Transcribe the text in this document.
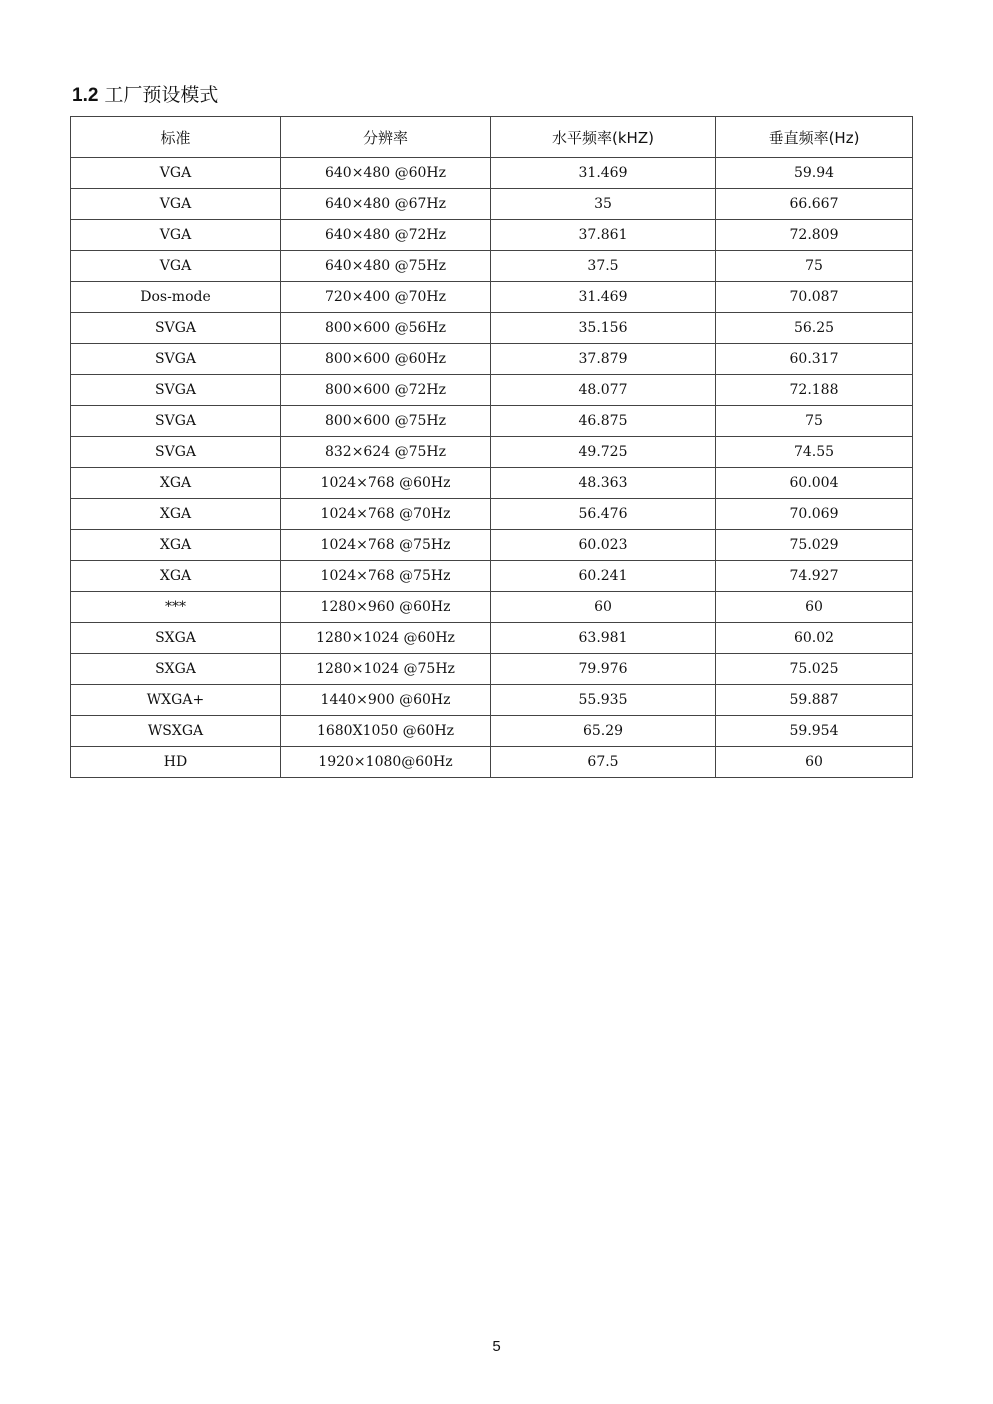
1.2 工厂预设模式
标准	分辨率	水平频率(kHZ)	垂直频率(Hz)
VGA	640×480 @60Hz	31.469	59.94
VGA	640×480 @67Hz	35	66.667
VGA	640×480 @72Hz	37.861	72.809
VGA	640×480 @75Hz	37.5	75
Dos-mode	720×400 @70Hz	31.469	70.087
SVGA	800×600 @56Hz	35.156	56.25
SVGA	800×600 @60Hz	37.879	60.317
SVGA	800×600 @72Hz	48.077	72.188
SVGA	800×600 @75Hz	46.875	75
SVGA	832×624 @75Hz	49.725	74.55
XGA	1024×768 @60Hz	48.363	60.004
XGA	1024×768 @70Hz	56.476	70.069
XGA	1024×768 @75Hz	60.023	75.029
XGA	1024×768 @75Hz	60.241	74.927
***	1280×960 @60Hz	60	60
SXGA	1280×1024 @60Hz	63.981	60.02
SXGA	1280×1024 @75Hz	79.976	75.025
WXGA+	1440×900 @60Hz	55.935	59.887
WSXGA	1680X1050 @60Hz	65.29	59.954
HD	1920×1080@60Hz	67.5	60
5
